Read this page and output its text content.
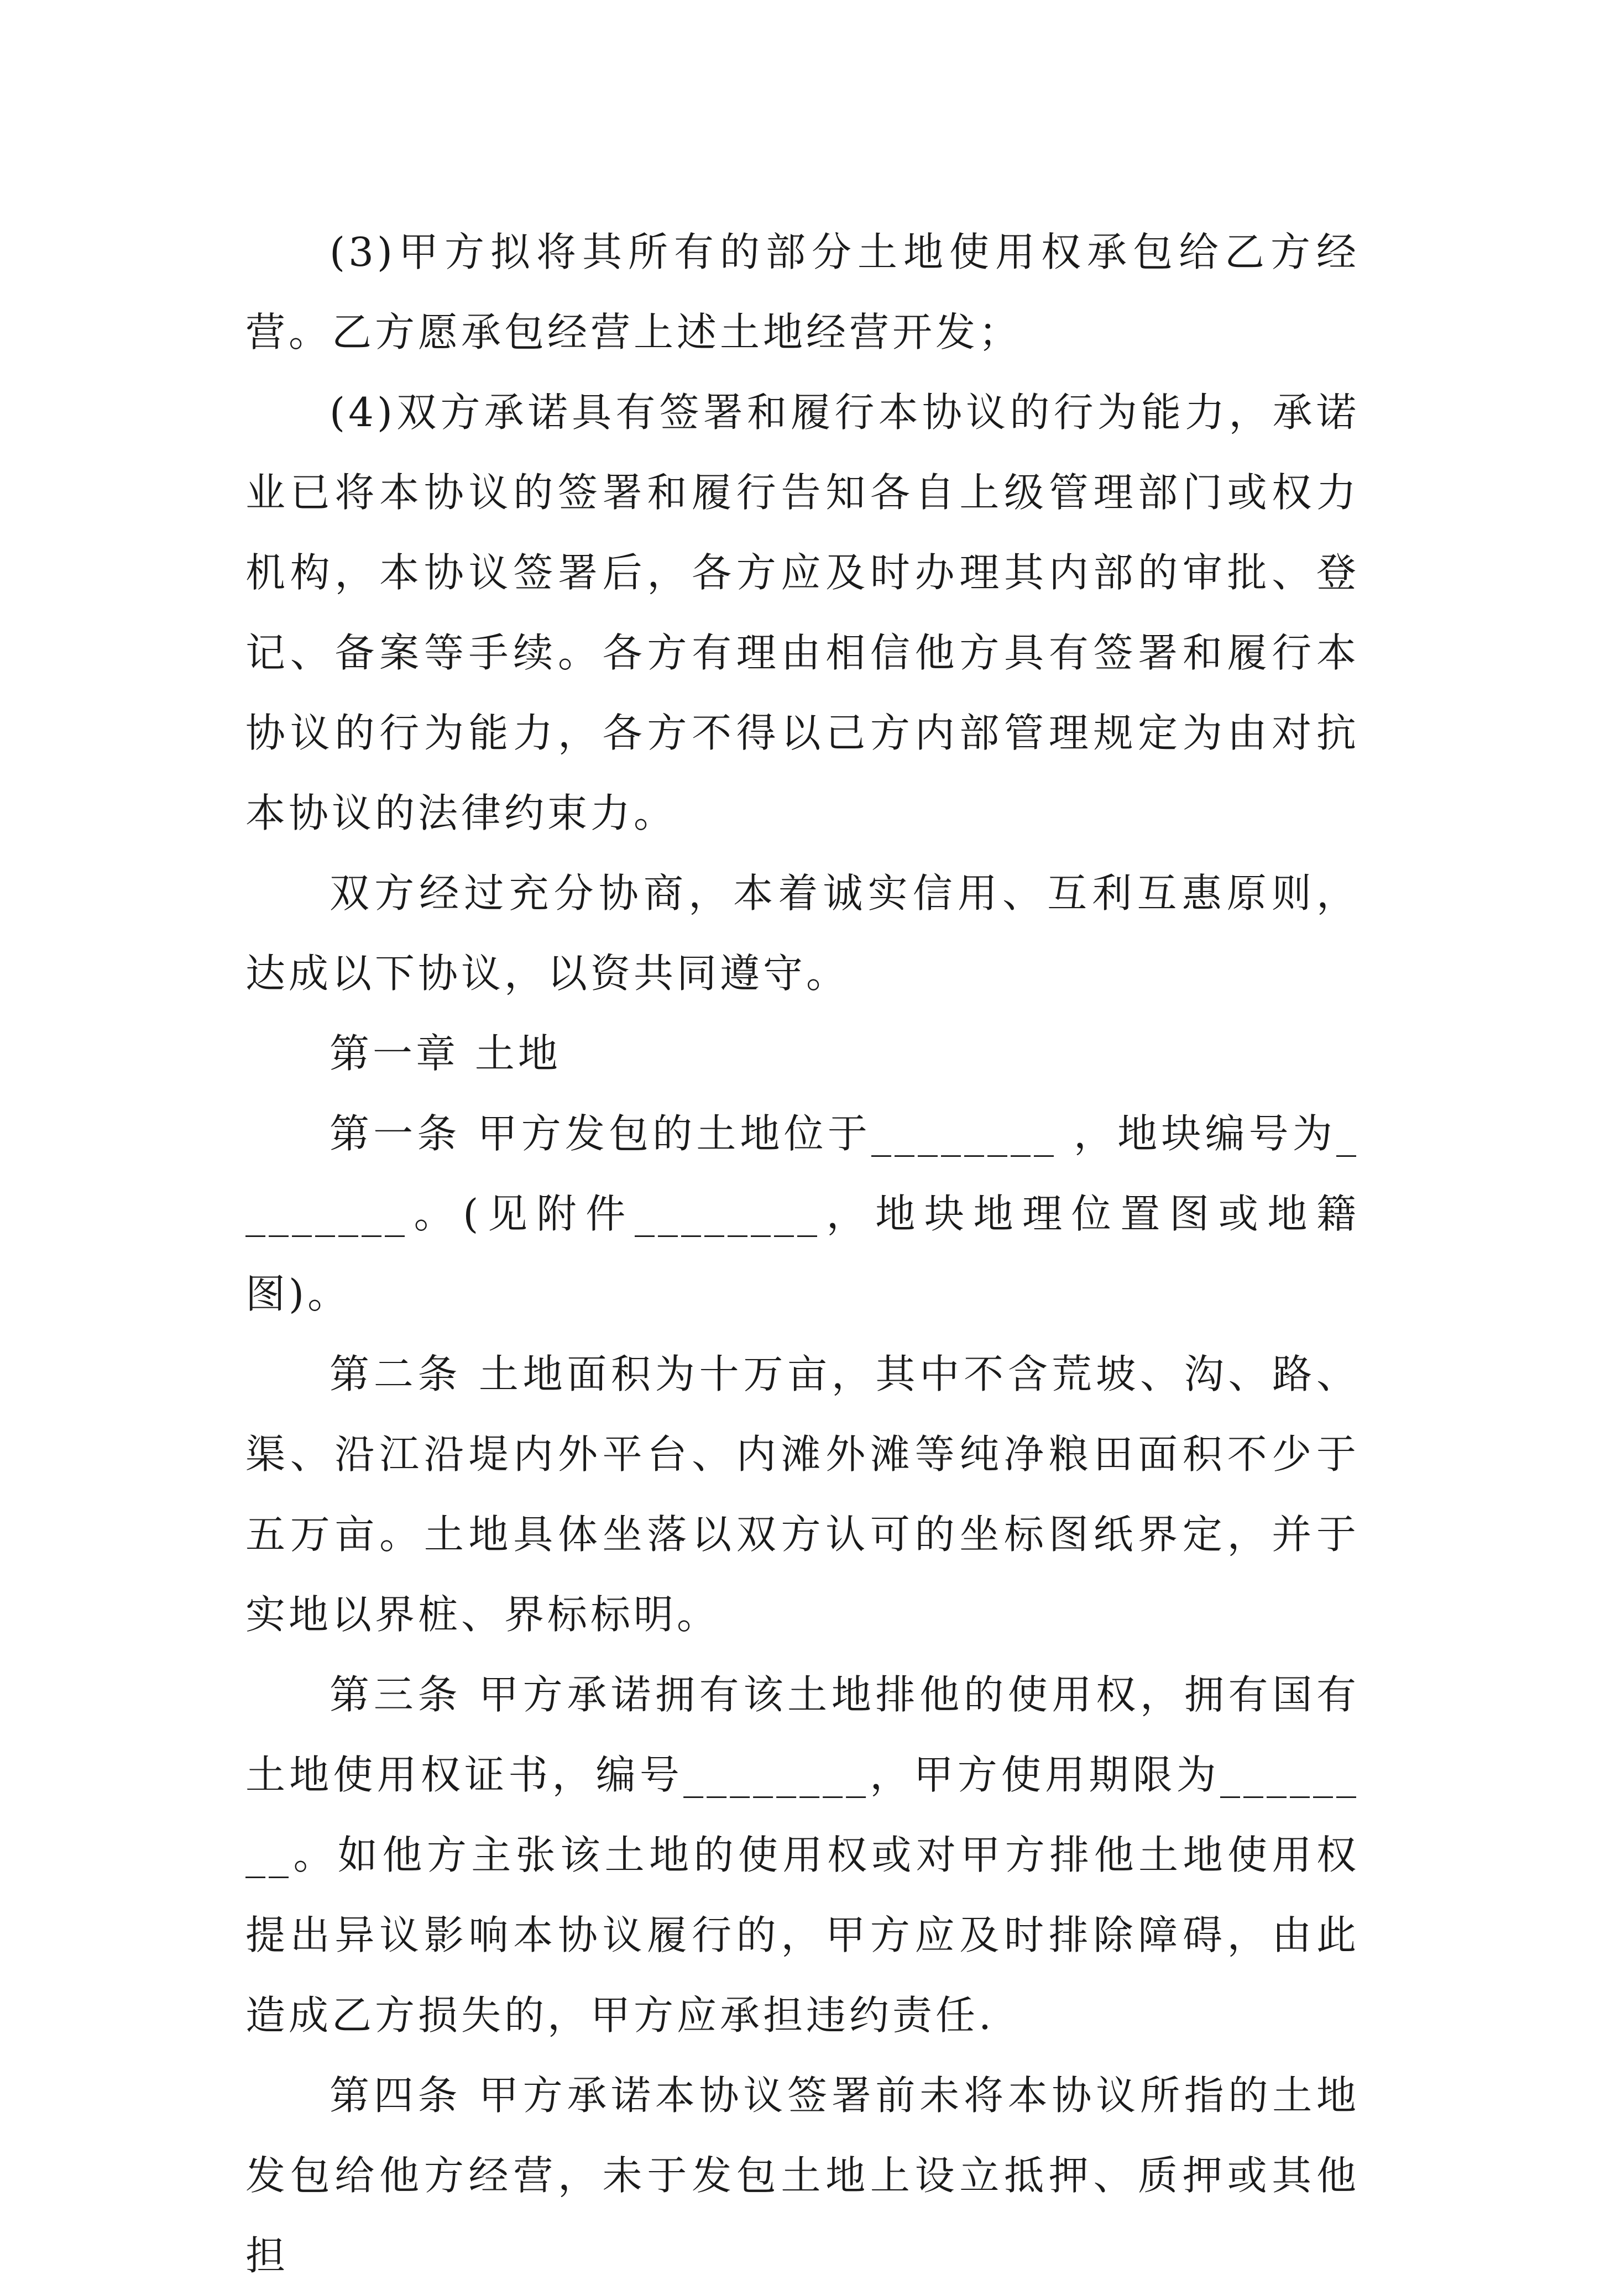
(3)甲方拟将其所有的部分土地使用权承包给乙方经营。乙方愿承包经营上述土地经营开发；

(4)双方承诺具有签署和履行本协议的行为能力，承诺业已将本协议的签署和履行告知各自上级管理部门或权力机构，本协议签署后，各方应及时办理其内部的审批、登记、备案等手续。各方有理由相信他方具有签署和履行本协议的行为能力，各方不得以己方内部管理规定为由对抗本协议的法律约束力。

双方经过充分协商，本着诚实信用、互利互惠原则，达成以下协议，以资共同遵守。

第一章 土地

第一条 甲方发包的土地位于________ ，地块编号为________。(见附件________，地块地理位置图或地籍图)。

第二条 土地面积为十万亩，其中不含荒坡、沟、路、渠、沿江沿堤内外平台、内滩外滩等纯净粮田面积不少于五万亩。土地具体坐落以双方认可的坐标图纸界定，并于实地以界桩、界标标明。

第三条 甲方承诺拥有该土地排他的使用权，拥有国有土地使用权证书，编号________，甲方使用期限为________。如他方主张该土地的使用权或对甲方排他土地使用权提出异议影响本协议履行的，甲方应及时排除障碍，由此造成乙方损失的，甲方应承担违约责任.

第四条 甲方承诺本协议签署前未将本协议所指的土地发包给他方经营，未于发包土地上设立抵押、质押或其他担
